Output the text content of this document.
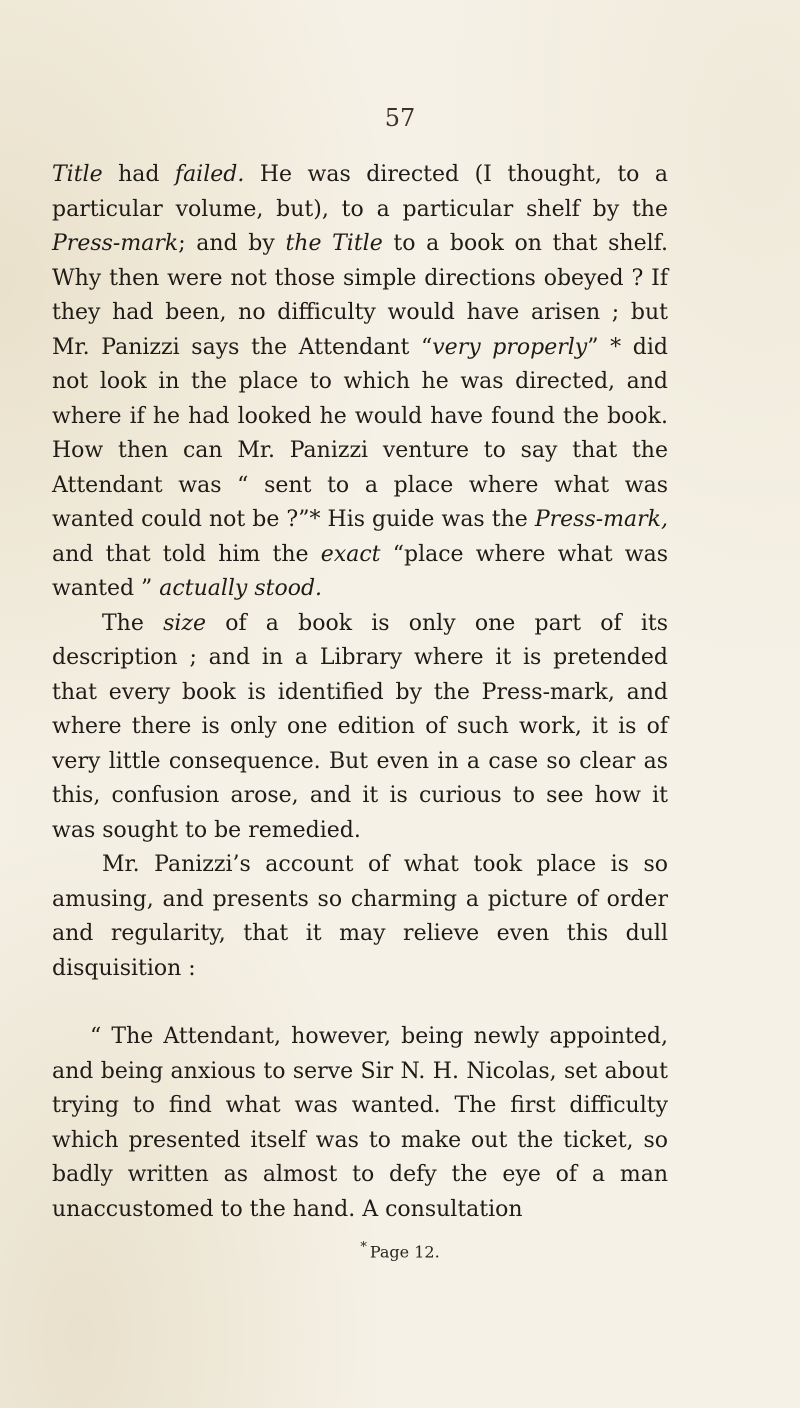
57

Title had failed. He was directed (I thought, to a particular volume, but), to a particular shelf by the Press-mark; and by the Title to a book on that shelf. Why then were not those simple directions obeyed ? If they had been, no difficulty would have arisen ; but Mr. Panizzi says the Attendant “very properly” * did not look in the place to which he was directed, and where if he had looked he would have found the book. How then can Mr. Panizzi venture to say that the Attendant was “ sent to a place where what was wanted could not be ?”* His guide was the Press-mark, and that told him the exact “place where what was wanted ” actually stood.

The size of a book is only one part of its description ; and in a Library where it is pretended that every book is identified by the Press-mark, and where there is only one edition of such work, it is of very little consequence. But even in a case so clear as this, confusion arose, and it is curious to see how it was sought to be remedied.

Mr. Panizzi’s account of what took place is so amusing, and presents so charming a picture of order and regularity, that it may relieve even this dull disquisition :

“ The Attendant, however, being newly appointed, and being anxious to serve Sir N. H. Nicolas, set about trying to find what was wanted. The first difficulty which presented itself was to make out the ticket, so badly written as almost to defy the eye of a man unaccustomed to the hand. A consultation

* Page 12.
